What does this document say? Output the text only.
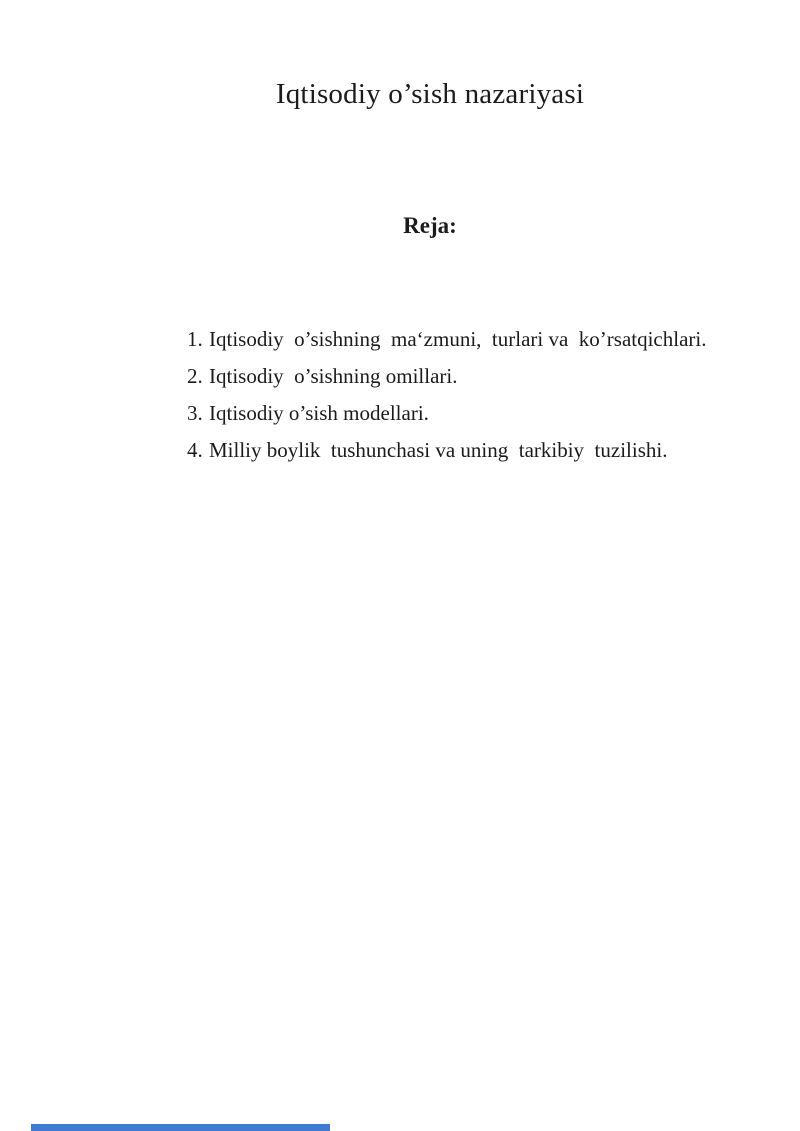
Iqtisodiy o’sish nazariyasi
Reja:
1. Iqtisodiy  o’sishning  ma‘zmuni,  turlari va  ko’rsatqichlari.
2. Iqtisodiy  o’sishning omillari.
3. Iqtisodiy o’sish modellari.
4. Milliy boylik  tushunchasi va uning  tarkibiy  tuzilishi.
